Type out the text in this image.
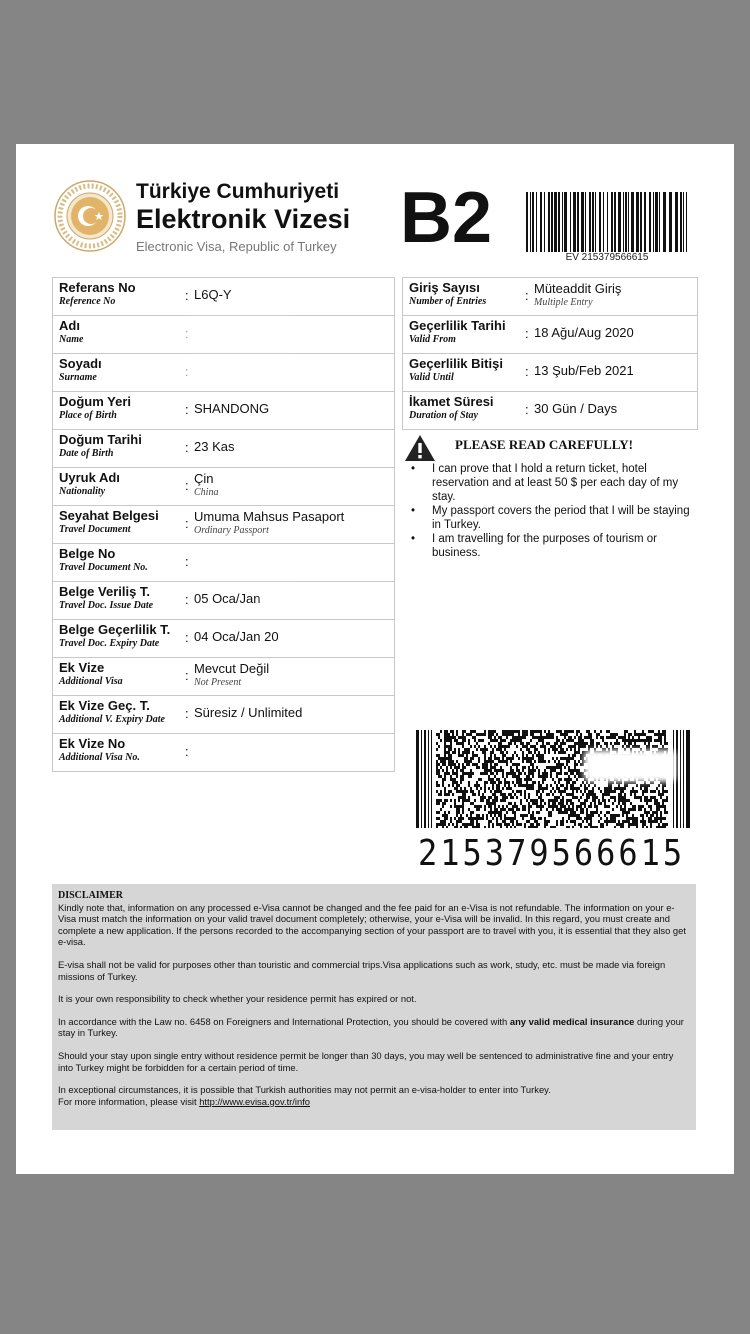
Türkiye Cumhuriyeti
Elektronik Vizesi
Electronic Visa, Republic of Turkey B2	EV 215379566615
Referans No
Reference No	: L6Q-Y
Adı
Name
Soyadı
Surname
Doğum Yeri
Place of Birth	: SHANDONG
Doğum Tarihi
Date of Birth	: 23 Kas
Uyruk Adı
Nationality	: Çin
China
Seyahat Belgesi
Travel Document	: Umuma Mahsus Pasaport
Ordinary Passport
Belge No
Travel Document No.	:
Belge Veriliş T.
Travel Doc. Issue Date : 05 Oca/Jan
Belge Geçerlilik T.
Travel Doc. Expiry Date : 04 Oca/Jan 20
Ek Vize
Additional Visa	: Mevcut Değil
Not Present
Ek Vize Geç. T.
Additional V. Expiry Date : Süresiz / Unlimited
Ek Vize No
Additional Visa No.	:
Giriş Sayısı
Number of Entries	: Müteaddit Giriş
Multiple Entry
Geçerlilik Tarihi
Valid From	: 18 Ağu/Aug 2020
Geçerlilik Bitişi
Valid Until	: 13 Şub/Feb 2021
İkamet Süresi
Duration of Stay	: 30 Gün / Days
PLEASE READ CAREFULLY!
• I can prove that I hold a return ticket, hotel reservation and at least 50 $ per each day of my stay.
• My passport covers the period that I will be staying in Turkey.
• I am travelling for the purposes of tourism or business.
215379566615
DISCLAIMER

Kindly note that, information on any processed e-Visa cannot be changed and the fee paid for an e-Visa is not refundable. The information on your e-Visa must match the information on your valid travel document completely; otherwise, your e-Visa will be invalid. In this regard, you must create and complete a new application. If the persons recorded to the accompanying section of your passport are to travel with you, it is essential that they also get e-visa.

E-visa shall not be valid for purposes other than touristic and commercial trips.Visa applications such as work, study, etc. must be made via foreign missions of Turkey.

It is your own responsibility to check whether your residence permit has expired or not.

In accordance with the Law no. 6458 on Foreigners and International Protection, you should be covered with any valid medical insurance during your stay in Turkey.

Should your stay upon single entry without residence permit be longer than 30 days, you may well be sentenced to administrative fine and your entry into Turkey might be forbidden for a certain period of time.

In exceptional circumstances, it is possible that Turkish authorities may not permit an e-visa-holder to enter into Turkey.

For more information, please visit http://www.evisa.gov.tr/info
